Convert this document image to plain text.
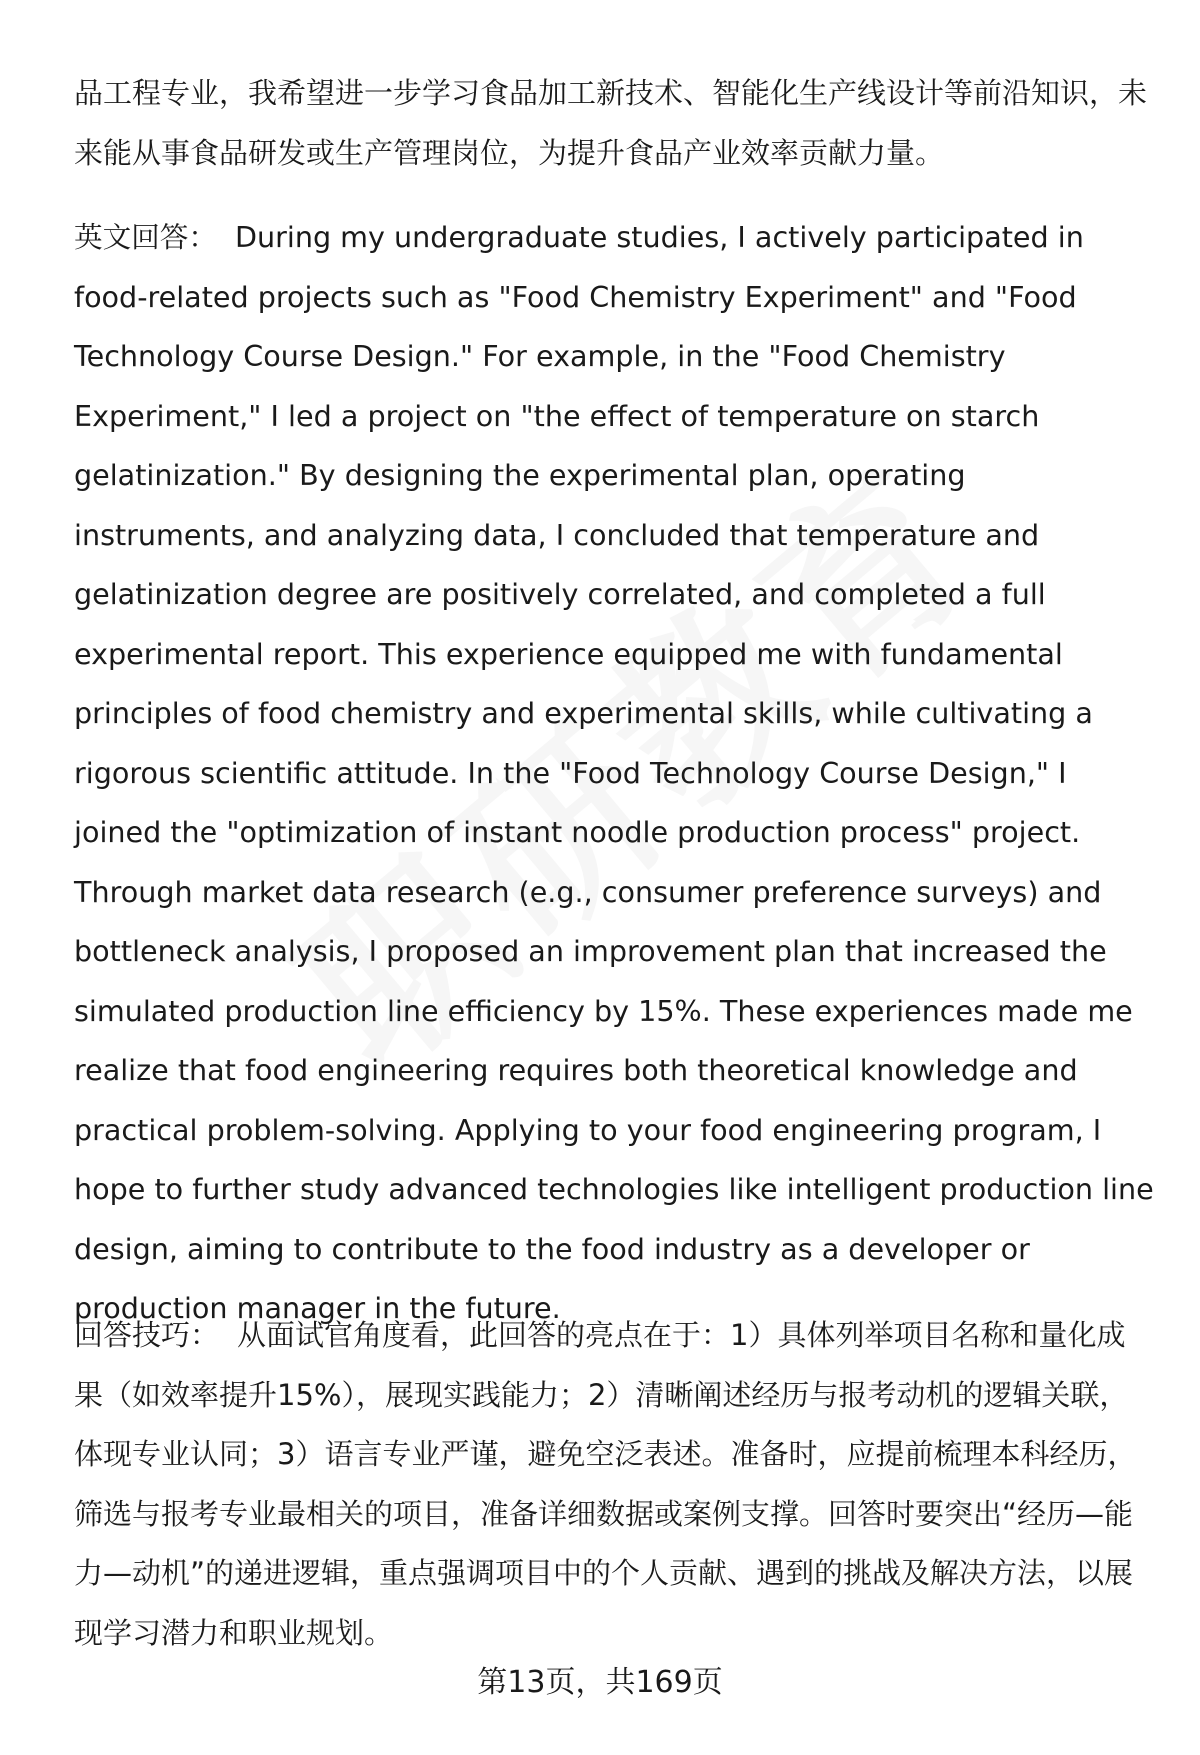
品工程专业，我希望进一步学习食品加工新技术、智能化生产线设计等前沿知识，未来能从事食品研发或生产管理岗位，为提升食品产业效率贡献力量。

英文回答： During my undergraduate studies, I actively participated in food-related projects such as "Food Chemistry Experiment" and "Food Technology Course Design." For example, in the "Food Chemistry Experiment," I led a project on "the effect of temperature on starch gelatinization." By designing the experimental plan, operating instruments, and analyzing data, I concluded that temperature and gelatinization degree are positively correlated, and completed a full experimental report. This experience equipped me with fundamental principles of food chemistry and experimental skills, while cultivating a rigorous scientific attitude. In the "Food Technology Course Design," I joined the "optimization of instant noodle production process" project. Through market data research (e.g., consumer preference surveys) and bottleneck analysis, I proposed an improvement plan that increased the simulated production line efficiency by 15%. These experiences made me realize that food engineering requires both theoretical knowledge and practical problem-solving. Applying to your food engineering program, I hope to further study advanced technologies like intelligent production line design, aiming to contribute to the food industry as a developer or production manager in the future.

回答技巧： 从面试官角度看，此回答的亮点在于：1）具体列举项目名称和量化成果（如效率提升15%），展现实践能力；2）清晰阐述经历与报考动机的逻辑关联，体现专业认同；3）语言专业严谨，避免空泛表述。准备时，应提前梳理本科经历，筛选与报考专业最相关的项目，准备详细数据或案例支撑。回答时要突出“经历—能力—动机”的递进逻辑，重点强调项目中的个人贡献、遇到的挑战及解决方法，以展现学习潜力和职业规划。

第13页，共169页
